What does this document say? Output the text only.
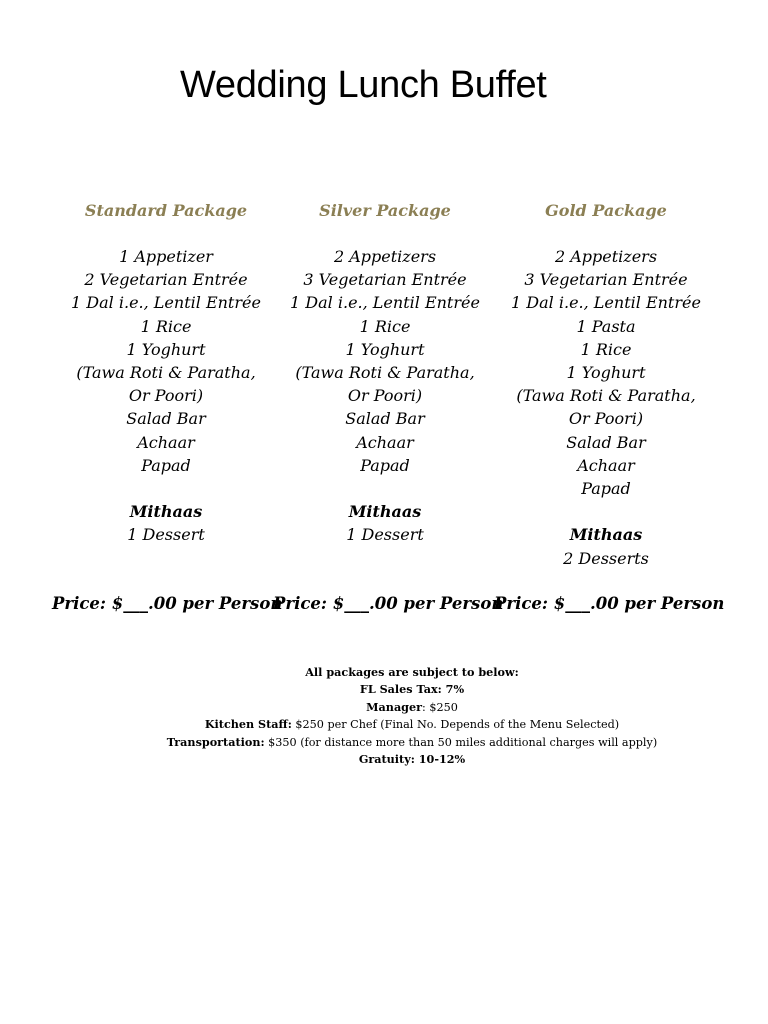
Wedding Lunch Buffet
Standard Package
1 Appetizer
2 Vegetarian Entrée
1 Dal i.e., Lentil Entrée
1 Rice
1 Yoghurt
(Tawa Roti & Paratha,
Or Poori)
Salad Bar
Achaar
Papad
Mithaas
1 Dessert
Silver Package
2 Appetizers
3 Vegetarian Entrée
1 Dal i.e., Lentil Entrée
1 Rice
1 Yoghurt
(Tawa Roti & Paratha,
Or Poori)
Salad Bar
Achaar
Papad
Mithaas
1 Dessert
Gold Package
2 Appetizers
3 Vegetarian Entrée
1 Dal i.e., Lentil Entrée
1 Pasta
1 Rice
1 Yoghurt
(Tawa Roti & Paratha,
Or Poori)
Salad Bar
Achaar
Papad
Mithaas
2 Desserts
Price: $___.00 per Person
Price: $___.00 per Person
Price: $___.00 per Person
All packages are subject to below:
FL Sales Tax: 7%
Manager: $250
Kitchen Staff: $250 per Chef (Final No. Depends of the Menu Selected)
Transportation: $350 (for distance more than 50 miles additional charges will apply)
Gratuity: 10-12%
